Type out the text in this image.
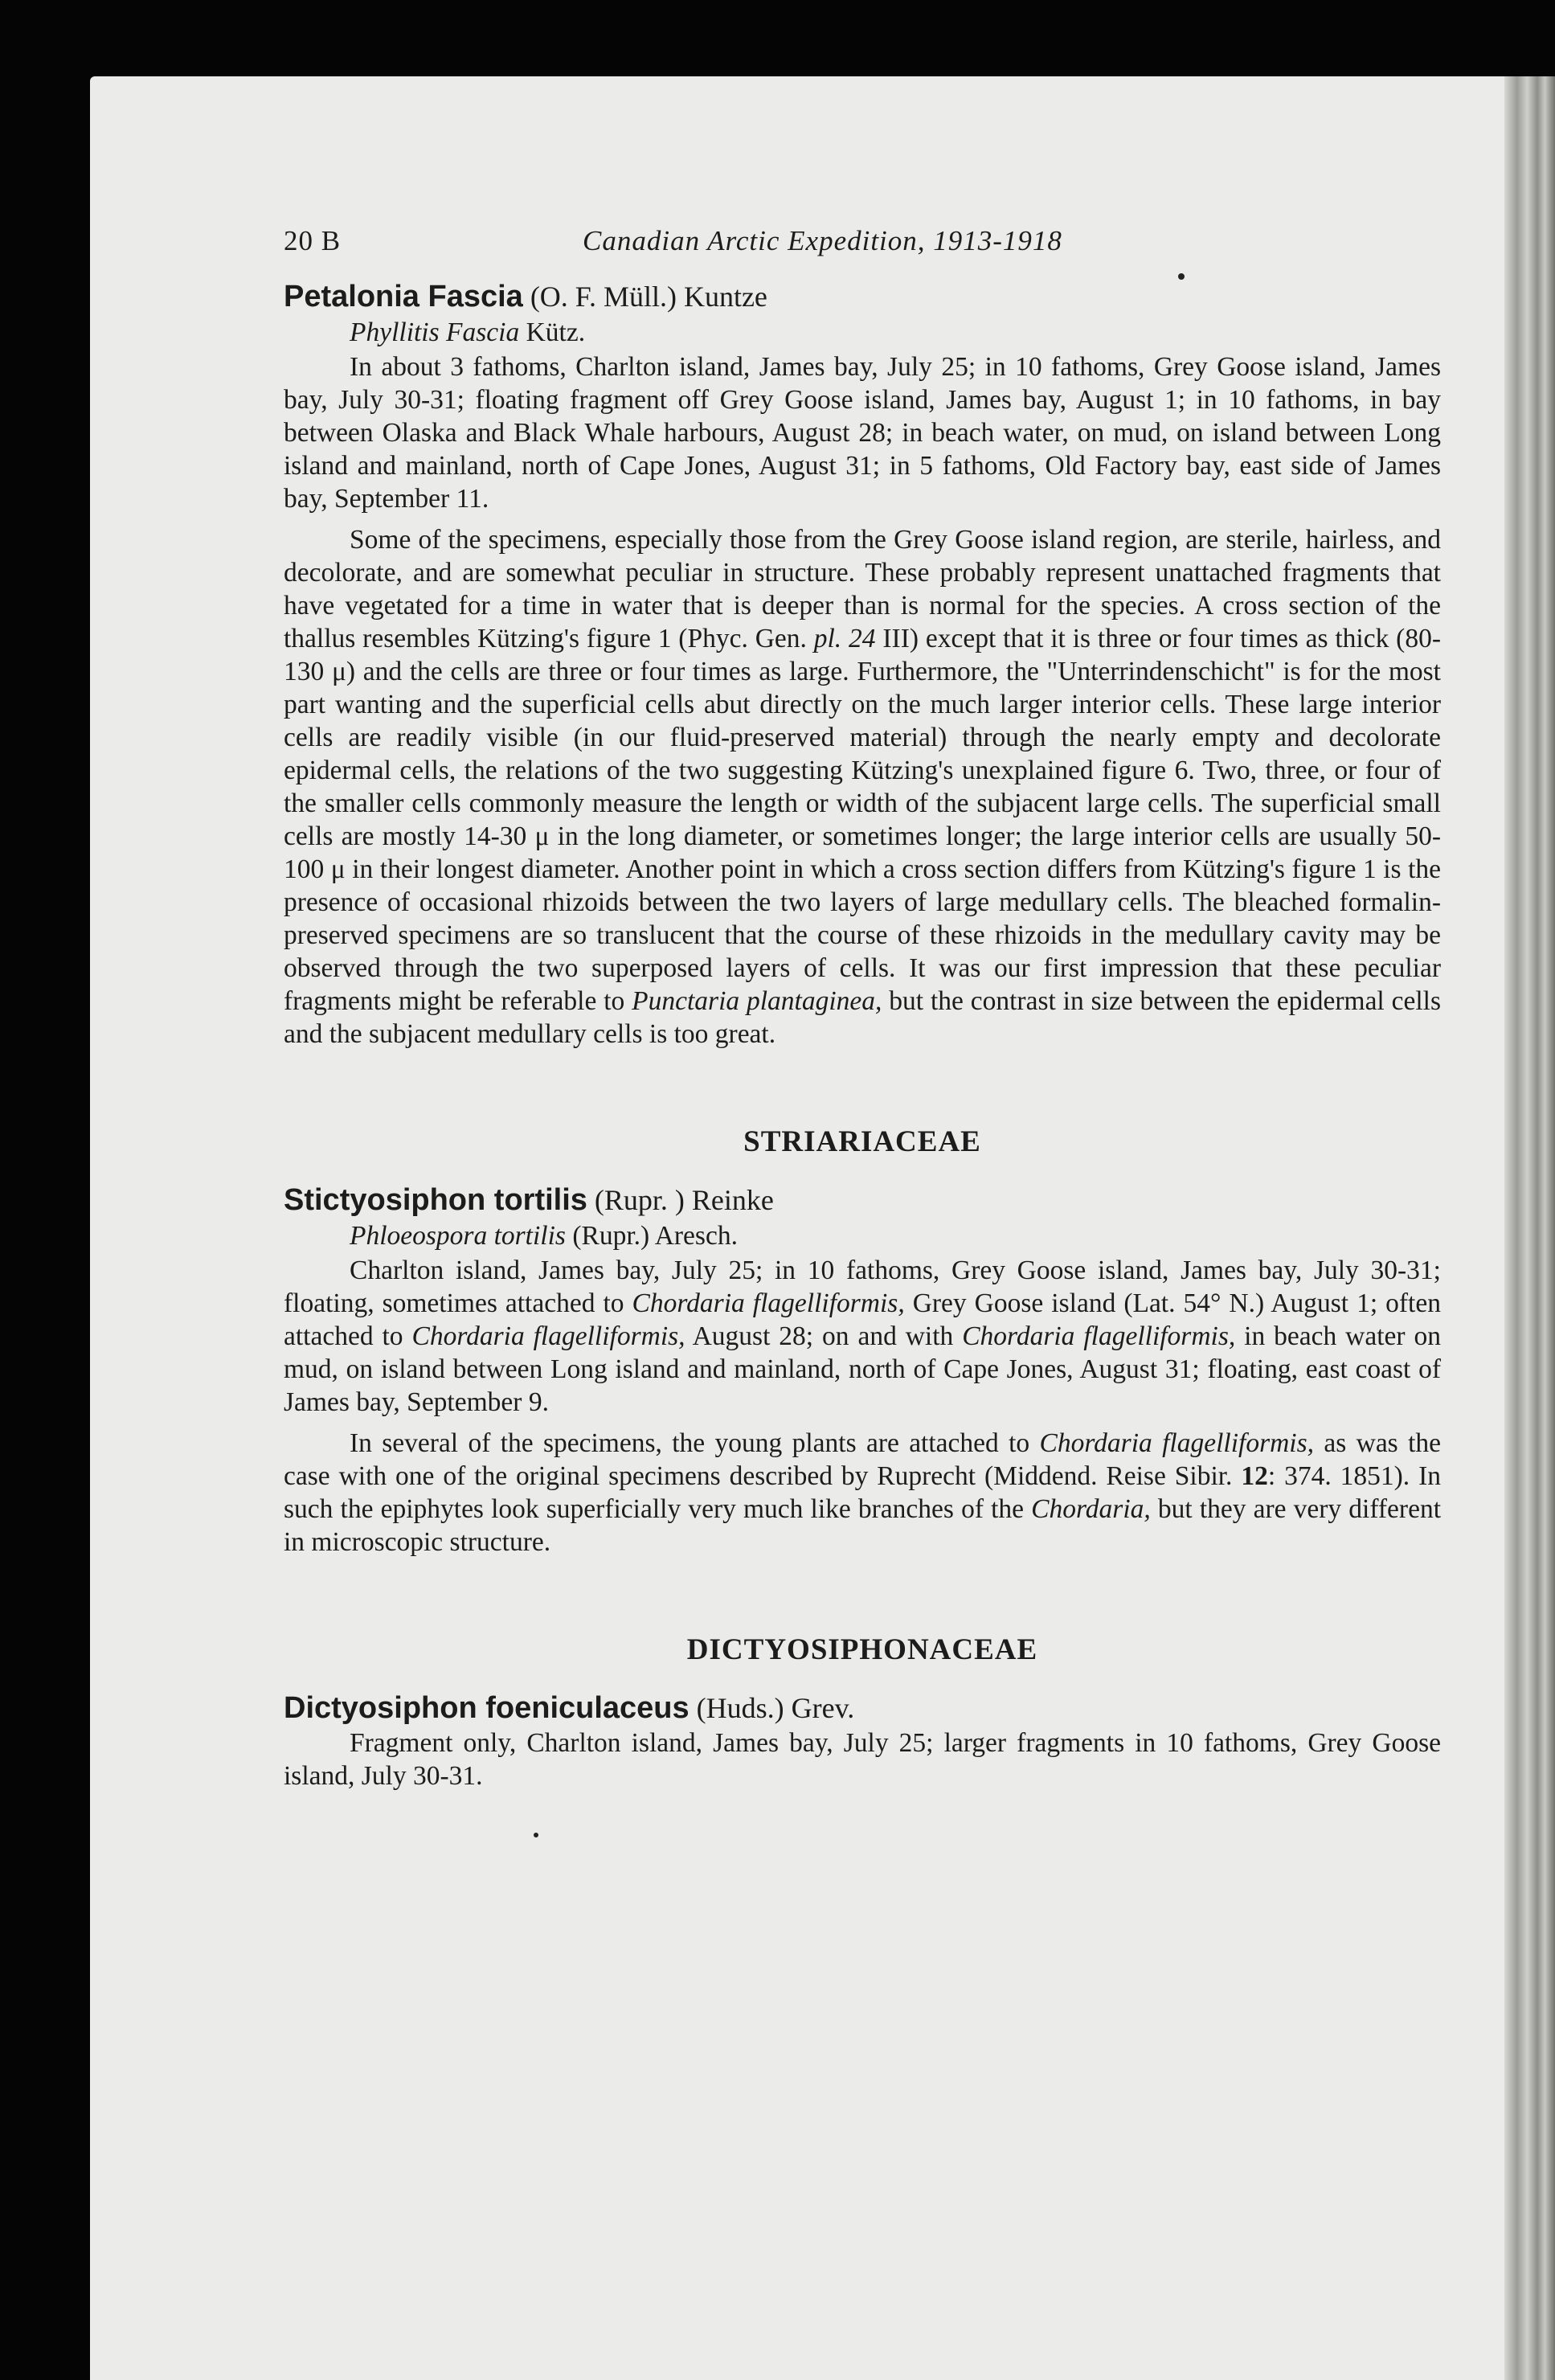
20 B	Canadian Arctic Expedition, 1913-1918
Petalonia Fascia (O. F. Müll.) Kuntze
Phyllitis Fascia Kütz.

In about 3 fathoms, Charlton island, James bay, July 25; in 10 fathoms, Grey Goose island, James bay, July 30-31; floating fragment off Grey Goose island, James bay, August 1; in 10 fathoms, in bay between Olaska and Black Whale harbours, August 28; in beach water, on mud, on island between Long island and mainland, north of Cape Jones, August 31; in 5 fathoms, Old Factory bay, east side of James bay, September 11.

Some of the specimens, especially those from the Grey Goose island region, are sterile, hairless, and decolorate, and are somewhat peculiar in structure. These probably represent unattached fragments that have vegetated for a time in water that is deeper than is normal for the species. A cross section of the thallus resembles Kützing's figure 1 (Phyc. Gen. pl. 24 III) except that it is three or four times as thick (80-130 μ) and the cells are three or four times as large. Furthermore, the "Unterrindenschicht" is for the most part wanting and the superficial cells abut directly on the much larger interior cells. These large interior cells are readily visible (in our fluid-preserved material) through the nearly empty and decolorate epidermal cells, the relations of the two suggesting Kützing's unexplained figure 6. Two, three, or four of the smaller cells commonly measure the length or width of the subjacent large cells. The superficial small cells are mostly 14-30 μ in the long diameter, or sometimes longer; the large interior cells are usually 50-100 μ in their longest diameter. Another point in which a cross section differs from Kützing's figure 1 is the presence of occasional rhizoids between the two layers of large medullary cells. The bleached formalin-preserved specimens are so translucent that the course of these rhizoids in the medullary cavity may be observed through the two superposed layers of cells. It was our first impression that these peculiar fragments might be referable to Punctaria plantaginea, but the contrast in size between the epidermal cells and the subjacent medullary cells is too great.

STRIARIACEAE
Stictyosiphon tortilis (Rupr. ) Reinke
Phloeospora tortilis (Rupr.) Aresch.

Charlton island, James bay, July 25; in 10 fathoms, Grey Goose island, James bay, July 30-31; floating, sometimes attached to Chordaria flagelliformis, Grey Goose island (Lat. 54° N.) August 1; often attached to Chordaria flagelliformis, August 28; on and with Chordaria flagelliformis, in beach water on mud, on island between Long island and mainland, north of Cape Jones, August 31; floating, east coast of James bay, September 9.

In several of the specimens, the young plants are attached to Chordaria flagelliformis, as was the case with one of the original specimens described by Ruprecht (Middend. Reise Sibir. 12: 374. 1851). In such the epiphytes look superficially very much like branches of the Chordaria, but they are very different in microscopic structure.

DICTYOSIPHONACEAE
Dictyosiphon foeniculaceus (Huds.) Grev.

Fragment only, Charlton island, James bay, July 25; larger fragments in 10 fathoms, Grey Goose island, July 30-31.
